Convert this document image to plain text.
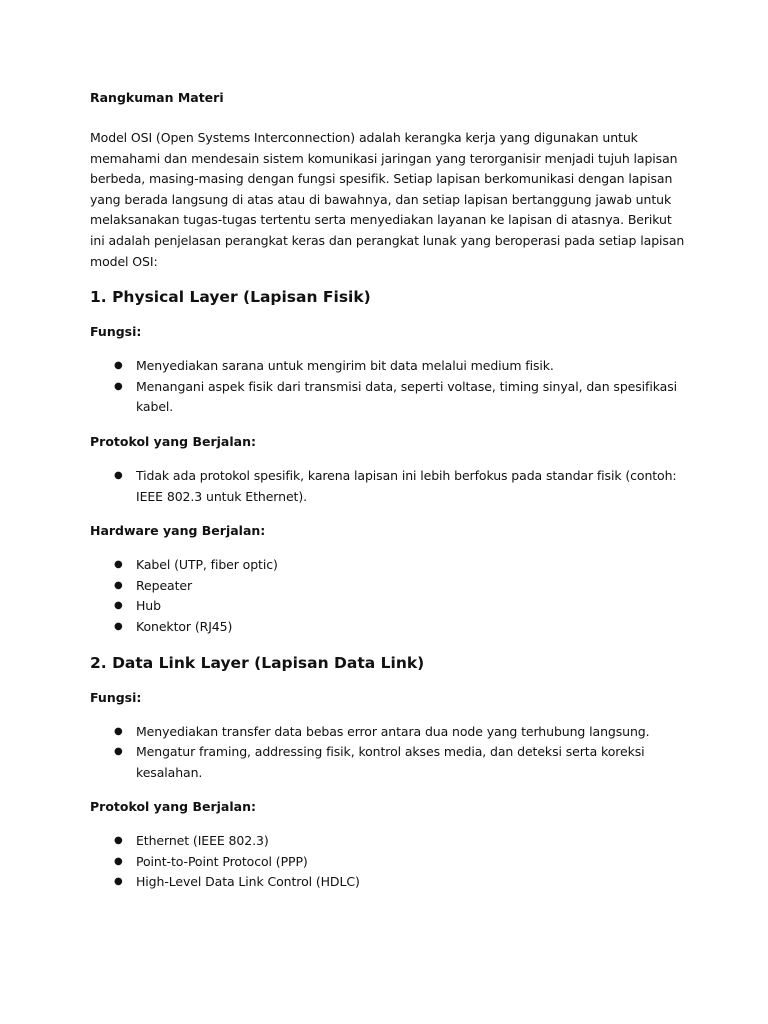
Rangkuman Materi

Model OSI (Open Systems Interconnection) adalah kerangka kerja yang digunakan untuk memahami dan mendesain sistem komunikasi jaringan yang terorganisir menjadi tujuh lapisan berbeda, masing-masing dengan fungsi spesifik. Setiap lapisan berkomunikasi dengan lapisan yang berada langsung di atas atau di bawahnya, dan setiap lapisan bertanggung jawab untuk melaksanakan tugas-tugas tertentu serta menyediakan layanan ke lapisan di atasnya. Berikut ini adalah penjelasan perangkat keras dan perangkat lunak yang beroperasi pada setiap lapisan model OSI:

1. Physical Layer (Lapisan Fisik)
Fungsi:
● Menyediakan sarana untuk mengirim bit data melalui medium fisik.
● Menangani aspek fisik dari transmisi data, seperti voltase, timing sinyal, dan spesifikasi kabel.
Protokol yang Berjalan:
● Tidak ada protokol spesifik, karena lapisan ini lebih berfokus pada standar fisik (contoh: IEEE 802.3 untuk Ethernet).
Hardware yang Berjalan:
● Kabel (UTP, fiber optic)
● Repeater
● Hub
● Konektor (RJ45)
2. Data Link Layer (Lapisan Data Link)
Fungsi:
● Menyediakan transfer data bebas error antara dua node yang terhubung langsung.
● Mengatur framing, addressing fisik, kontrol akses media, dan deteksi serta koreksi kesalahan.
Protokol yang Berjalan:
● Ethernet (IEEE 802.3)
● Point-to-Point Protocol (PPP)
● High-Level Data Link Control (HDLC)
